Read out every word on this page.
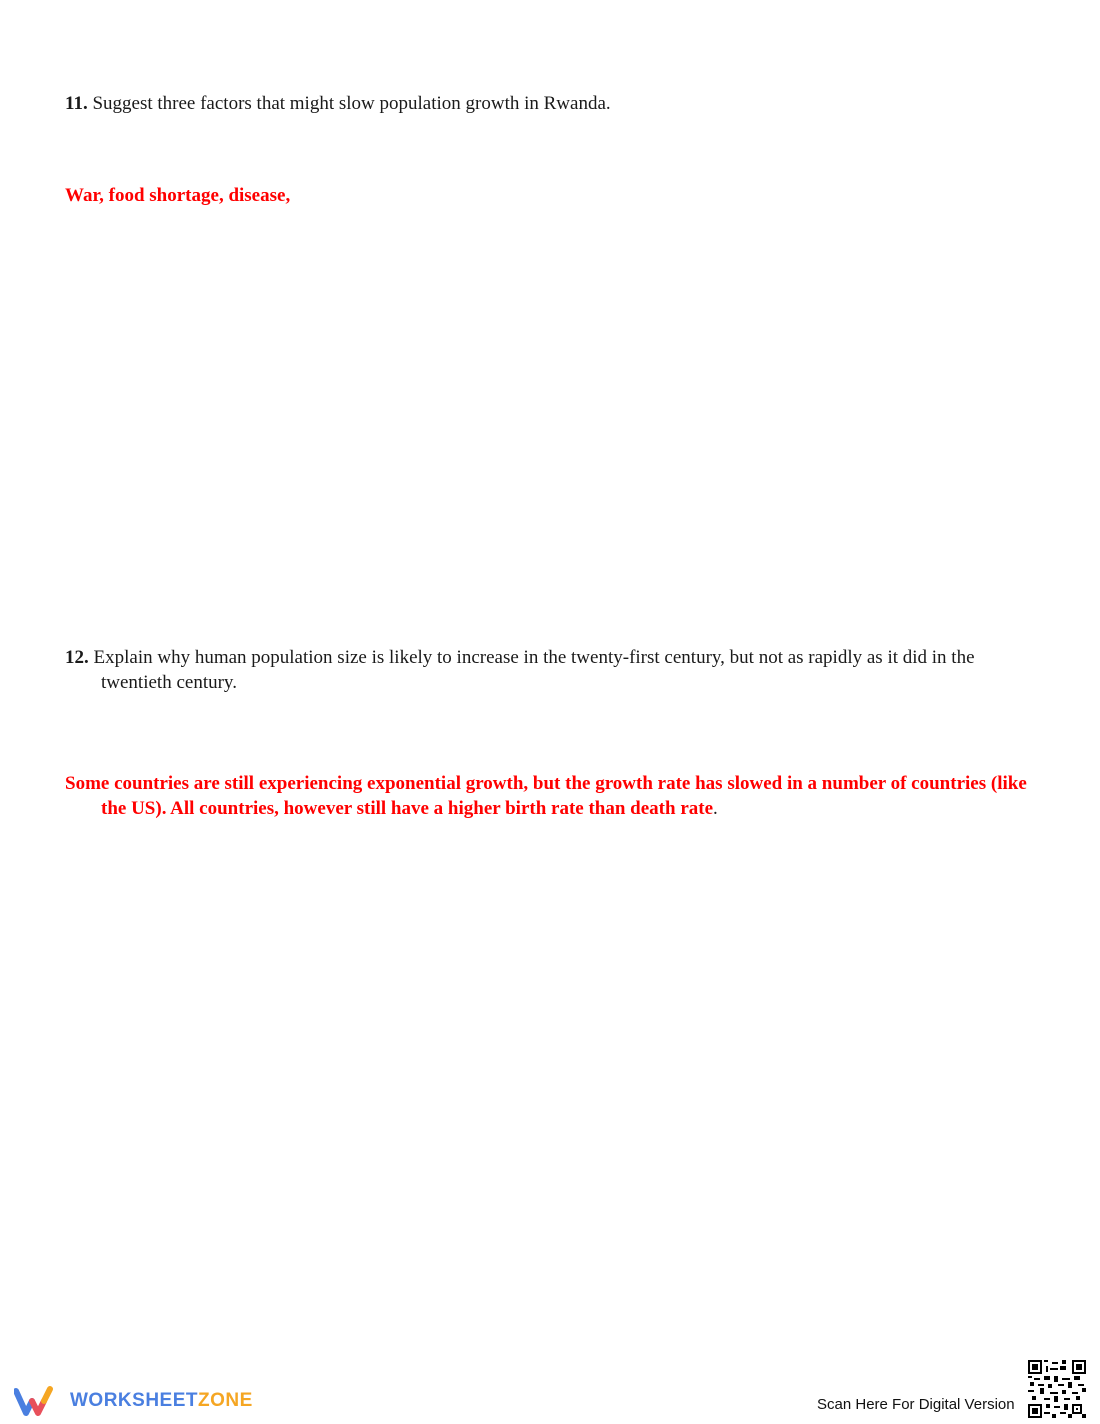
11. Suggest three factors that might slow population growth in Rwanda.
War, food shortage, disease,
12. Explain why human population size is likely to increase in the twenty-first century, but not as rapidly as it did in the twentieth century.
Some countries are still experiencing exponential growth, but the growth rate has slowed in a number of countries (like the US). All countries, however still have a higher birth rate than death rate.
WORKSHEETZONE	Scan Here For Digital Version
